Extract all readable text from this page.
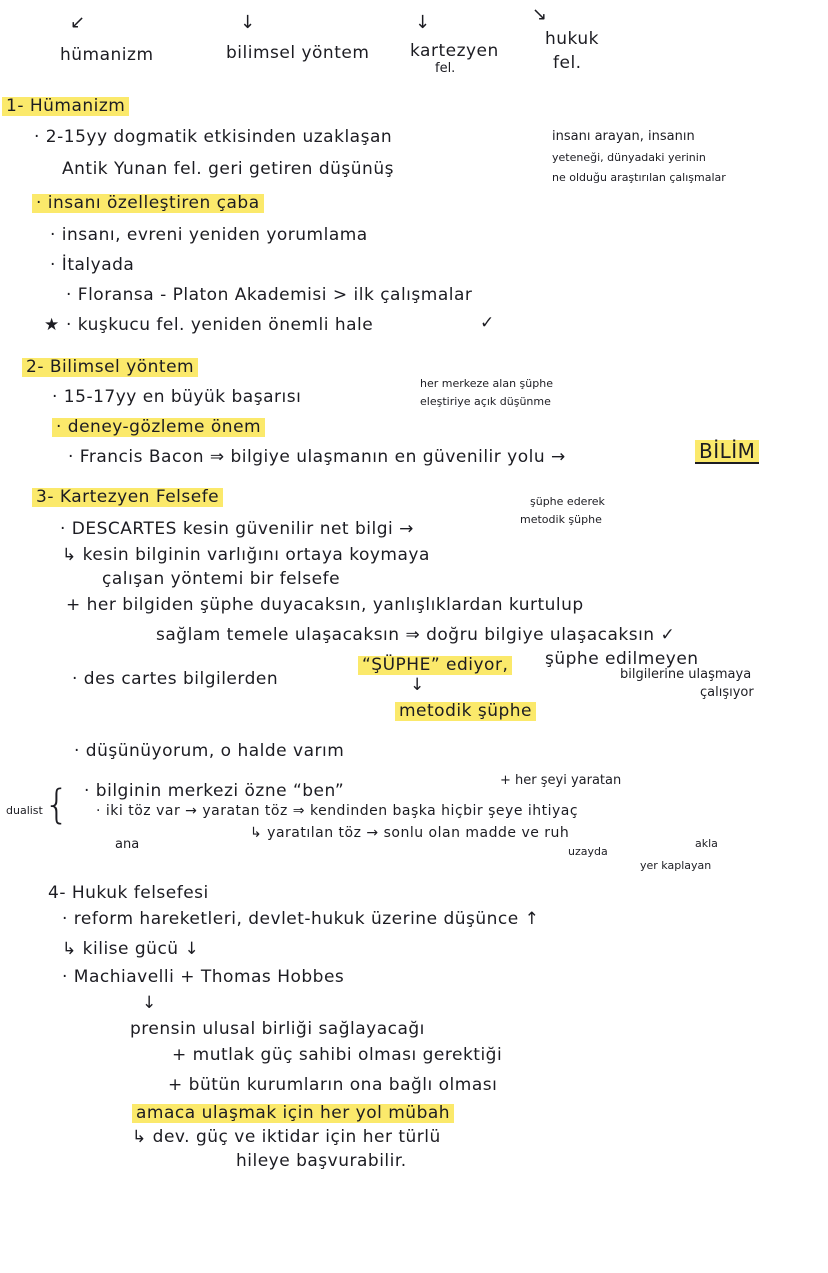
↙	↓	↓	↘
hümanizm	bilimsel yöntem kartezyen
fel.
hukuk
fel.
1- Hümanizm
· 2-15yy dogmatik etkisinden uzaklaşan
Antik Yunan fel. geri getiren düşünüş
insanı arayan, insanın
yeteneği, dünyadaki yerinin
ne olduğu araştırılan çalışmalar
· insanı özelleştiren çaba
· insanı, evreni yeniden yorumlama
· İtalyada
· Floransa - Platon Akademisi > ilk çalışmalar
★ · kuşkucu fel. yeniden önemli hale	✓
2- Bilimsel yöntem
· 15-17yy en büyük başarısı
her merkeze alan şüphe
eleştiriye açık düşünme
· deney-gözleme önem
· Francis Bacon ⇒ bilgiye ulaşmanın en güvenilir yolu →	BİLİM
3- Kartezyen Felsefe
· DESCARTES kesin güvenilir net bilgi →
şüphe ederek
metodik şüphe
↳ kesin bilginin varlığını ortaya koymaya
çalışan yöntemi bir felsefe
+ her bilgiden şüphe duyacaksın, yanlışlıklardan kurtulup
sağlam temele ulaşacaksın ⇒ doğru bilgiye ulaşacaksın ✓
· des cartes bilgilerden
“ŞÜPHE” ediyor, şüphe edilmeyen
bilgilerine ulaşmaya
çalışıyor
↓
metodik şüphe
· düşünüyorum, o halde varım
· bilginin merkezi özne “ben”
+ her şeyi yaratan
· iki töz var → yaratan töz ⇒ kendinden başka hiçbir şeye ihtiyaç
↳ yaratılan töz → sonlu olan madde ve ruh
ana
dualist {
uzayda
akla
yer kaplayan
4- Hukuk felsefesi
· reform hareketleri, devlet-hukuk üzerine düşünce ↑
↳ kilise gücü ↓
· Machiavelli + Thomas Hobbes
↓
prensin ulusal birliği sağlayacağı
+ mutlak güç sahibi olması gerektiği
+ bütün kurumların ona bağlı olması
amaca ulaşmak için her yol mübah
↳ dev. güç ve iktidar için her türlü
hileye başvurabilir.
